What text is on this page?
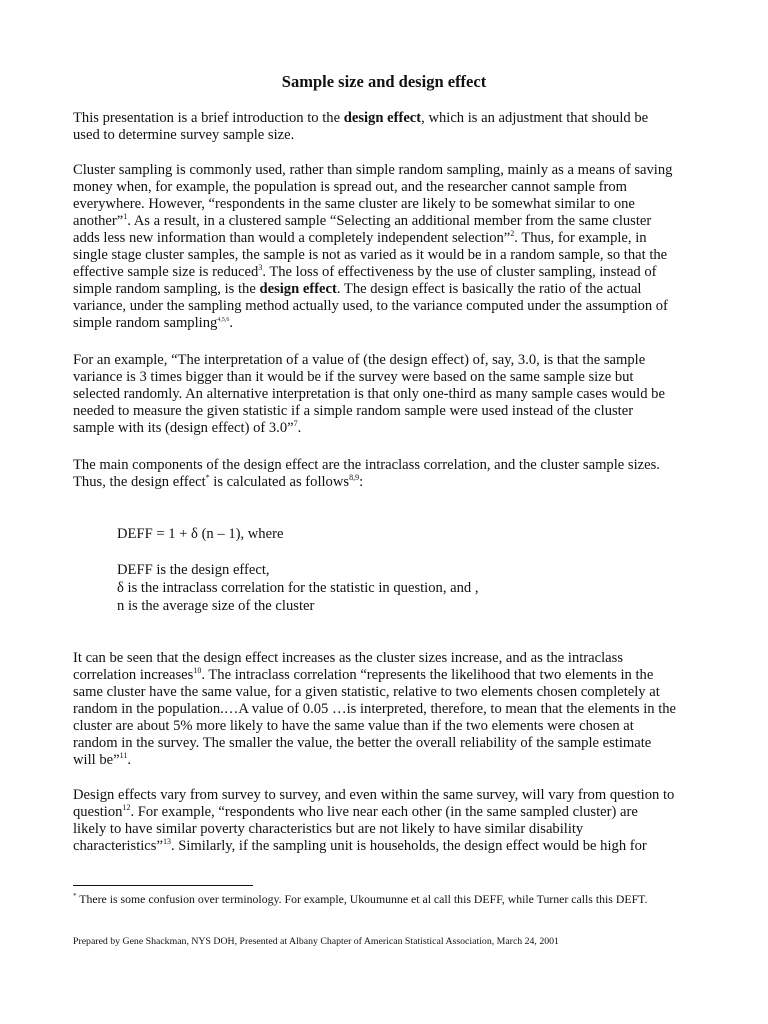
Sample size and design effect
This presentation is a brief introduction to the design effect, which is an adjustment that should be
used to determine survey sample size.
Cluster sampling is commonly used, rather than simple random sampling, mainly as a means of saving
money when, for example, the population is spread out, and the researcher cannot sample from
everywhere. However, “respondents in the same cluster are likely to be somewhat similar to one
another”$^1$. As a result, in a clustered sample “Selecting an additional member from the same cluster
adds less new information than would a completely independent selection”$^2$. Thus, for example, in
single stage cluster samples, the sample is not as varied as it would be in a random sample, so that the
effective sample size is reduced$^3$. The loss of effectiveness by the use of cluster sampling, instead of
simple random sampling, is the design effect. The design effect is basically the ratio of the actual
variance, under the sampling method actually used, to the variance computed under the assumption of
simple random sampling$^{4,5,6}$.
For an example, “The interpretation of a value of (the design effect) of, say, 3.0, is that the sample
variance is 3 times bigger than it would be if the survey were based on the same sample size but
selected randomly. An alternative interpretation is that only one-third as many sample cases would be
needed to measure the given statistic if a simple random sample were used instead of the cluster
sample with its (design effect) of 3.0”$^7$.
The main components of the design effect are the intraclass correlation, and the cluster sample sizes.
Thus, the design effect* is calculated as follows$^{8,9}$:
DEFF = 1 + δ (n – 1), where
DEFF is the design effect,
δ is the intraclass correlation for the statistic in question, and ,
n is the average size of the cluster
It can be seen that the design effect increases as the cluster sizes increase, and as the intraclass
correlation increases$^{10}$. The intraclass correlation “represents the likelihood that two elements in the
same cluster have the same value, for a given statistic, relative to two elements chosen completely at
random in the population.…A value of 0.05 …is interpreted, therefore, to mean that the elements in the
cluster are about 5% more likely to have the same value than if the two elements were chosen at
random in the survey. The smaller the value, the better the overall reliability of the sample estimate
will be”$^{11}$.
Design effects vary from survey to survey, and even within the same survey, will vary from question to
question$^{12}$. For example, “respondents who live near each other (in the same sampled cluster) are
likely to have similar poverty characteristics but are not likely to have similar disability
characteristics”$^{13}$. Similarly, if the sampling unit is households, the design effect would be high for
* There is some confusion over terminology. For example, Ukoumunne et al call this DEFF, while Turner calls this DEFT.
Prepared by Gene Shackman, NYS DOH, Presented at Albany Chapter of American Statistical Association, March 24, 2001
